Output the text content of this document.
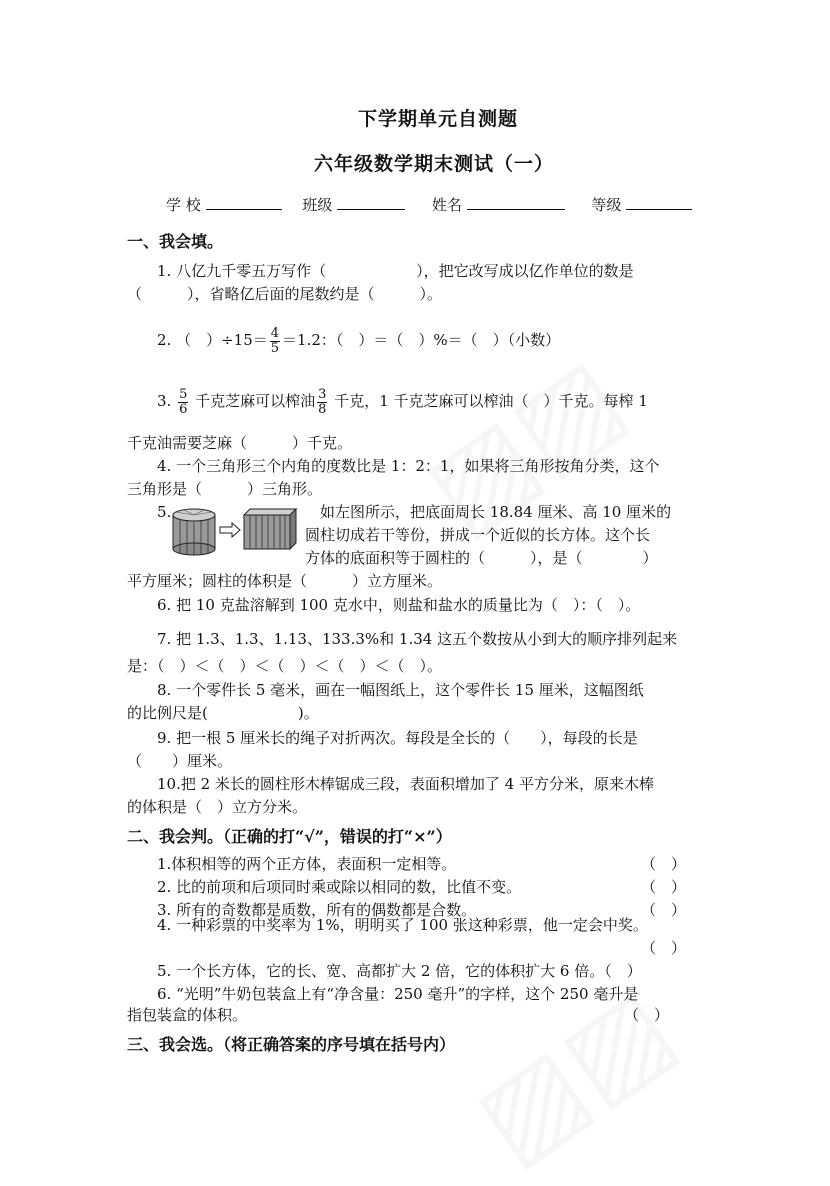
下学期单元自测题
六年级数学期末测试（一）
学 校	班级	姓名	等级
一、我会填。
1. 八亿九千零五万写作（　　　　　　），把它改写成以亿作单位的数是
（　　　），省略亿后面的尾数约是（　　　）。
2. （　）$\div 15= \frac{4}{5} =1.2$：（　）＝（　）%＝（　）（小数）
3. $\frac{5}{6}$ 千克芝麻可以榨油 $\frac{3}{8}$ 千克，1 千克芝麻可以榨油（　）千克。每榨 1
千克油需要芝麻（　　　）千克。
4. 一个三角形三个内角的度数比是 1：2：1，如果将三角形按角分类，这个
三角形是（　　　）三角形。
5.	如左图所示，把底面周长 18.84 厘米、高 10 厘米的
圆柱切成若干等份，拼成一个近似的长方体。这个长
方体的底面积等于圆柱的（　　　），是（　　　　）
平方厘米；圆柱的体积是（　　　）立方厘米。
6. 把 10 克盐溶解到 100 克水中，则盐和盐水的质量比为（　）：（　）。
7. 把 1.3、1.3、1.13、133.3%和 1.34 这五个数按从小到大的顺序排列起来
是：（　）＜（　）＜（　）＜（　）＜（　）。
8. 一个零件长 5 毫米，画在一幅图纸上，这个零件长 15 厘米，这幅图纸
的比例尺是(　　　　　　)。
9. 把一根 5 厘米长的绳子对折两次。每段是全长的（　　），每段的长是
（　　）厘米。
10.把 2 米长的圆柱形木棒锯成三段，表面积增加了 4 平方分米，原来木棒
的体积是（　）立方分米。
二、我会判。（正确的打“√”，错误的打“×”）
1.体积相等的两个正方体，表面积一定相等。	（　）
2. 比的前项和后项同时乘或除以相同的数，比值不变。	（　）
3. 所有的奇数都是质数，所有的偶数都是合数。	（　）
4. 一种彩票的中奖率为 1%，明明买了 100 张这种彩票，他一定会中奖。
（　）
5. 一个长方体，它的长、宽、高都扩大 2 倍，它的体积扩大 6 倍。（　）
6. “光明”牛奶包装盒上有“净含量：250 毫升”的字样，这个 250 毫升是
指包装盒的体积。	（　）
三、我会选。（将正确答案的序号填在括号内）
